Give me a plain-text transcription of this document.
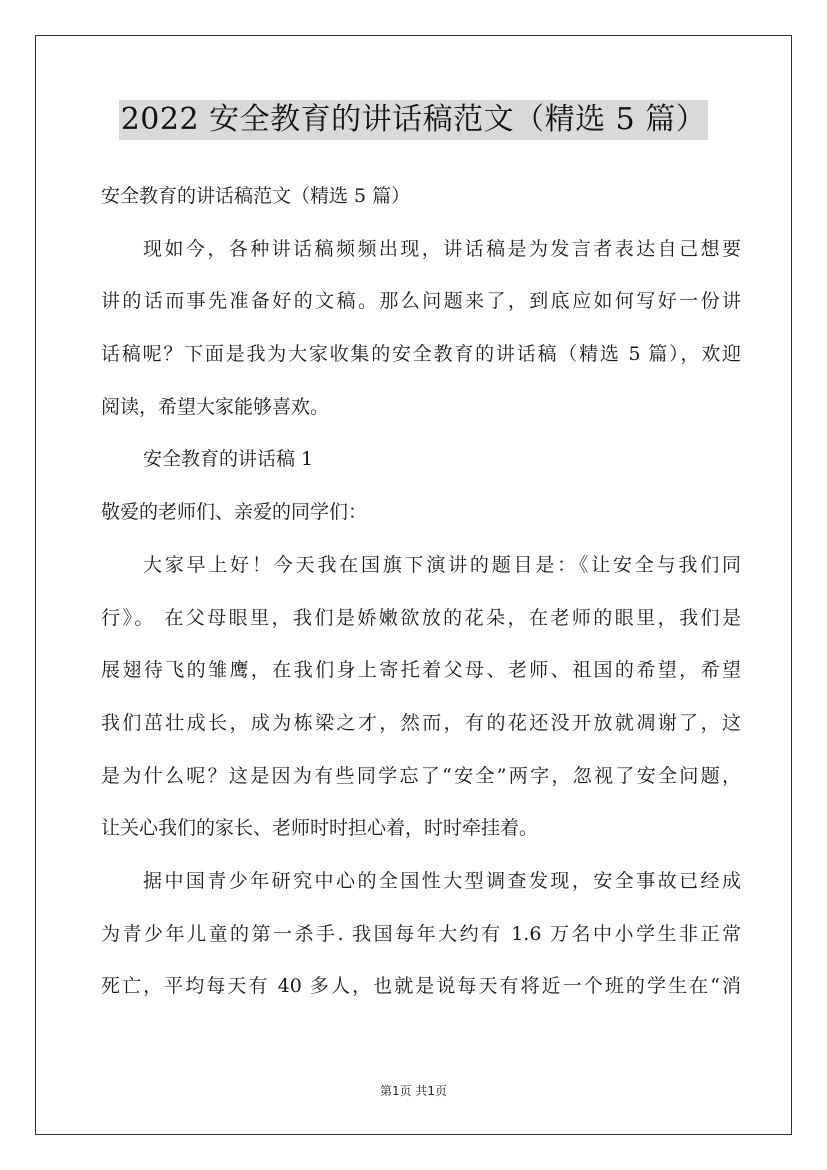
2022 安全教育的讲话稿范文（精选 5 篇）
安全教育的讲话稿范文（精选 5 篇）
现如今，各种讲话稿频频出现，讲话稿是为发言者表达自己想要
讲的话而事先准备好的文稿。那么问题来了，到底应如何写好一份讲
话稿呢？下面是我为大家收集的安全教育的讲话稿（精选 5 篇），欢迎
阅读，希望大家能够喜欢。
安全教育的讲话稿 1
敬爱的老师们、亲爱的同学们：
大家早上好！今天我在国旗下演讲的题目是：《让安全与我们同
行》。 在父母眼里，我们是娇嫩欲放的花朵，在老师的眼里，我们是
展翅待飞的雏鹰，在我们身上寄托着父母、老师、祖国的希望，希望
我们茁壮成长，成为栋梁之才，然而，有的花还没开放就凋谢了，这
是为什么呢？这是因为有些同学忘了“安全”两字，忽视了安全问题，
让关心我们的家长、老师时时担心着，时时牵挂着。
据中国青少年研究中心的全国性大型调查发现，安全事故已经成
为青少年儿童的第一杀手. 我国每年大约有 1.6 万名中小学生非正常
死亡，平均每天有 40 多人，也就是说每天有将近一个班的学生在“消
第1页 共1页
